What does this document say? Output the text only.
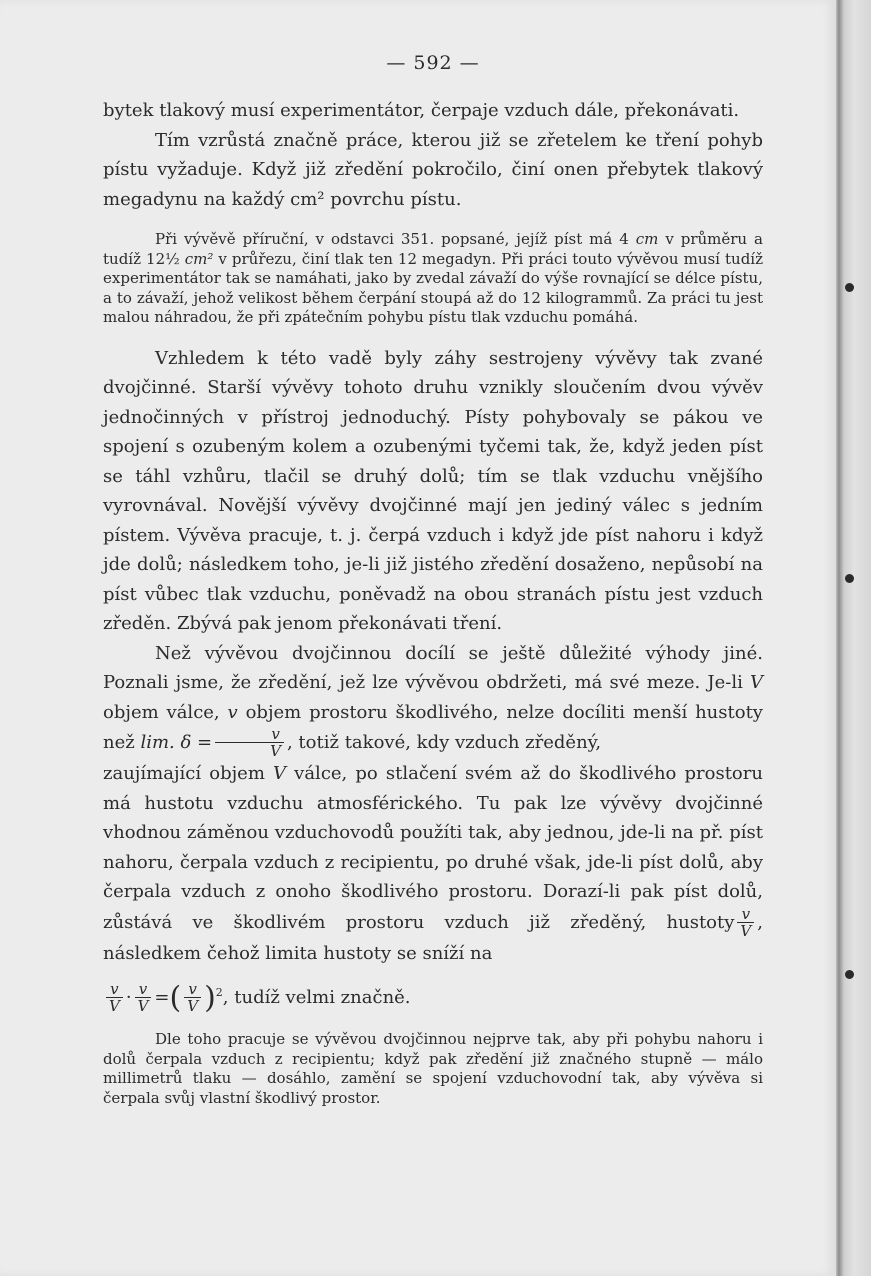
— 592 —

bytek tlakový musí experimentátor, čerpaje vzduch dále, překonávati.

Tím vzrůstá značně práce, kterou již se zřetelem ke tření pohyb pístu vyžaduje. Když již zředění pokročilo, činí onen přebytek tlakový megadynu na každý cm² povrchu pístu.

Při vývěvě příruční, v odstavci 351. popsané, jejíž píst má 4 cm v průměru a tudíž 12½ cm² v průřezu, činí tlak ten 12 megadyn. Při práci touto vývěvou musí tudíž experimentátor tak se namáhati, jako by zvedal závaží do výše rovnající se délce pístu, a to závaží, jehož velikost během čerpání stoupá až do 12 kilogrammů. Za práci tu jest malou náhradou, že při zpátečním pohybu pístu tlak vzduchu pomáhá.

Vzhledem k této vadě byly záhy sestrojeny vývěvy tak zvané dvojčinné. Starší vývěvy tohoto druhu vznikly sloučením dvou vývěv jednočinných v přístroj jednoduchý. Písty pohybovaly se pákou ve spojení s ozubeným kolem a ozubenými tyčemi tak, že, když jeden píst se táhl vzhůru, tlačil se druhý dolů; tím se tlak vzduchu vnějšího vyrovnával. Novější vývěvy dvojčinné mají jen jediný válec s jedním pístem. Vývěva pracuje, t. j. čerpá vzduch i když jde píst nahoru i když jde dolů; následkem toho, je-li již jistého zředění dosaženo, nepůsobí na píst vůbec tlak vzduchu, poněvadž na obou stranách pístu jest vzduch zředěn. Zbývá pak jenom překonávati tření.

Než vývěvou dvojčinnou docílí se ještě důležité výhody jiné. Poznali jsme, že zředění, jež lze vývěvou obdržeti, má své meze. Je-li V objem válce, v objem prostoru škodlivého, nelze docíliti menší hustoty než lim. $\delta = \frac{v}{V}$ , totiž takové, kdy vzduch zředěný,

zaujímající objem V válce, po stlačení svém až do škodlivého prostoru má hustotu vzduchu atmosférického. Tu pak lze vývěvy dvojčinné vhodnou záměnou vzduchovodů použíti tak, aby jednou, jde-li na př. píst nahoru, čerpala vzduch z recipientu, po druhé však, jde-li píst dolů, aby čerpala vzduch z onoho škodlivého prostoru. Dorazí-li pak píst dolů, zůstává ve škodlivém prostoru vzduch již zředěný, hustoty $\frac{v}{V}$ , následkem čehož limita hustoty se sníží na

$\frac{v}{V} \cdot \frac{v}{V}$ =( $\frac{v}{V} )^2$, tudíž velmi značně.

Dle toho pracuje se vývěvou dvojčinnou nejprve tak, aby při pohybu nahoru i dolů čerpala vzduch z recipientu; když pak zředění již značného stupně — málo millimetrů tlaku — dosáhlo, zamění se spojení vzduchovodní tak, aby vývěva si čerpala svůj vlastní škodlivý prostor.
